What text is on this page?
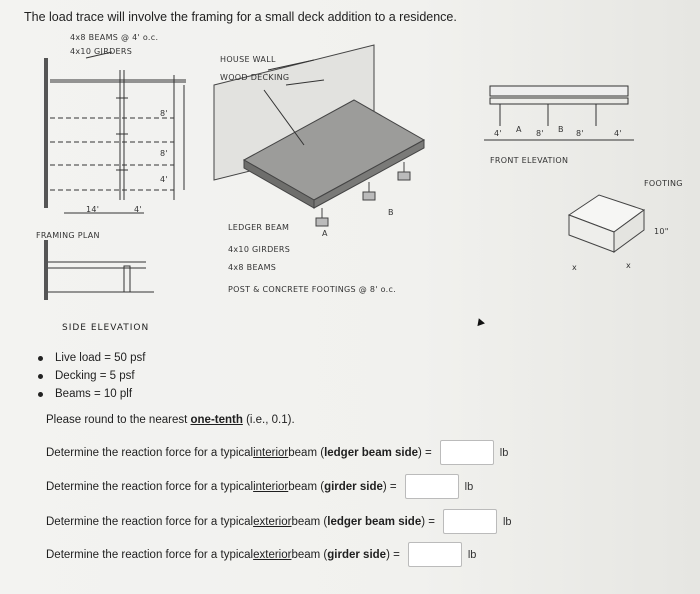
The load trace will involve the framing for a small deck addition to a residence.
4x8 BEAMS @ 4' o.c.
4x10 GIRDERS
14'	4'
8'
8'
4'
FRAMING PLAN
HOUSE WALL
WOOD DECKING
LEDGER BEAM
4x10 GIRDERS
4x8 BEAMS
POST & CONCRETE FOOTINGS @ 8' o.c.
A
B
4' A 8' B 8'	4'
FRONT ELEVATION
FOOTING
10"
x	x
SIDE ELEVATION
Live load = 50 psf
Decking = 5 psf
Beams = 10 plf
Please round to the nearest one-tenth (i.e., 0.1).
Determine the reaction force for a typical interior beam ( ledger beam side ) =	lb
Determine the reaction force for a typical interior beam ( girder side ) =	lb
Determine the reaction force for a typical exterior beam ( ledger beam side ) =	lb
Determine the reaction force for a typical exterior beam ( girder side ) =	lb
